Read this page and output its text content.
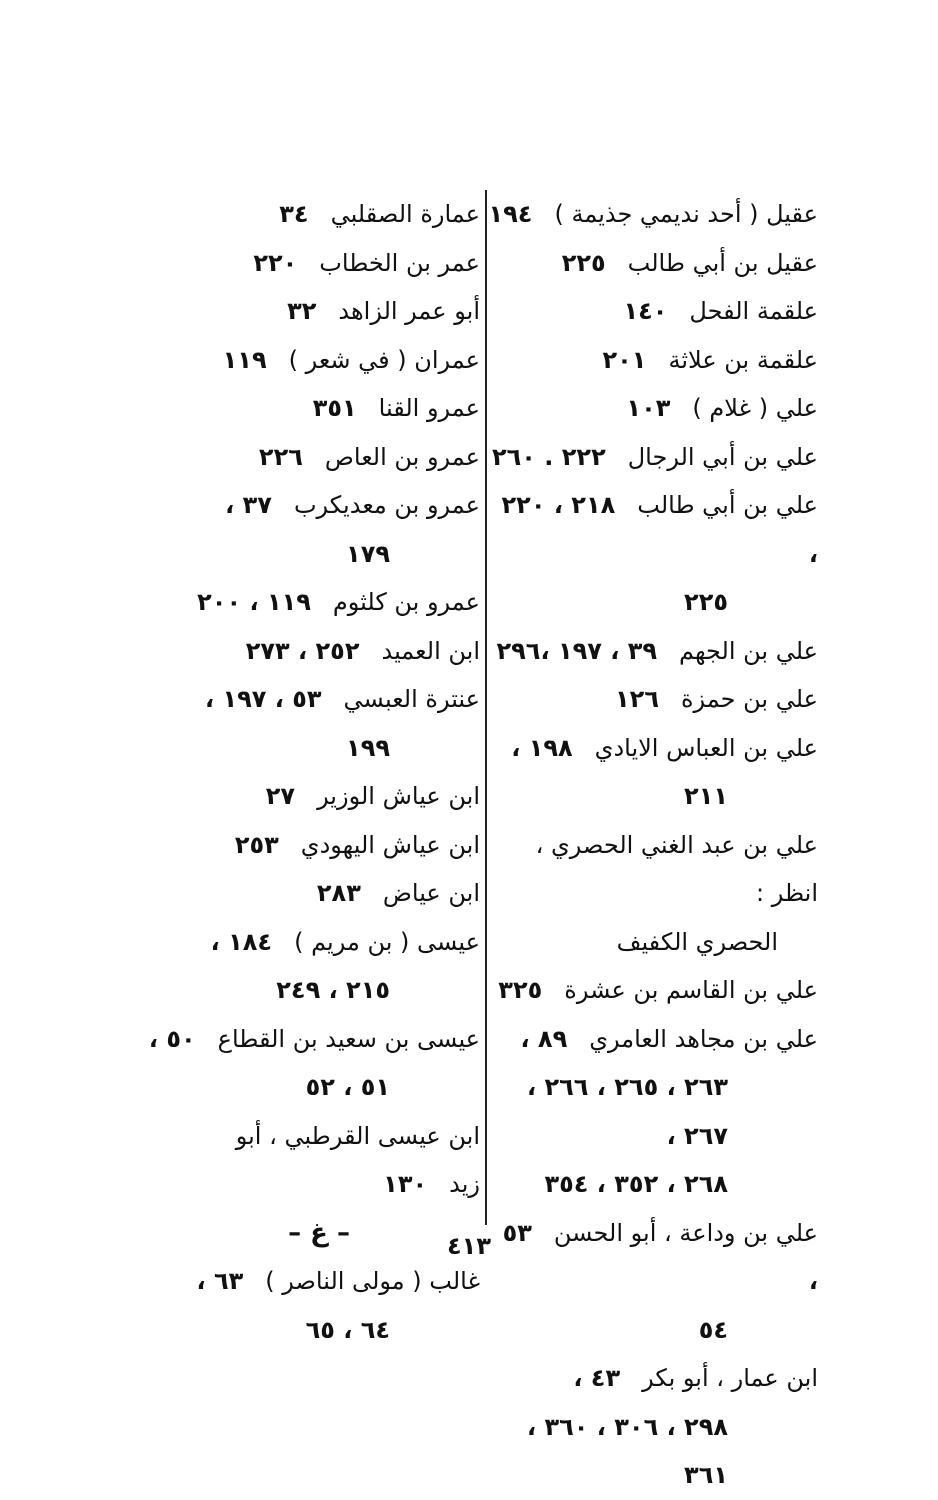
عقيل ( أحد نديمي جذيمة )١٩٤
عقيل بن أبي طالب٢٢٥
علقمة الفحل١٤٠
علقمة بن علاثة٢٠١
علي ( غلام )١٠٣
علي بن أبي الرجال٢٢٢ . ٢٦٠
علي بن أبي طالب٢١٨ ، ٢٢٠ ،
٢٢٥
علي بن الجهم٣٩ ، ١٩٧ ،٢٩٦
علي بن حمزة١٢٦
علي بن العباس الايادي١٩٨ ،
٢١١
علي بن عبد الغني الحصري ، انظر :
الحصري الكفيف
علي بن القاسم بن عشرة٣٢٥
علي بن مجاهد العامري٨٩ ،
٢٦٣ ، ٢٦٥ ، ٢٦٦ ، ٢٦٧ ،
٢٦٨ ، ٣٥٢ ، ٣٥٤
علي بن وداعة ، أبو الحسن٥٣ ،
٥٤
ابن عمار ، أبو بكر٤٣ ،
٢٩٨ ، ٣٠٦ ، ٣٦٠ ، ٣٦١
عمارة الصقلبي٣٤
عمر بن الخطاب٢٢٠
أبو عمر الزاهد٣٢
عمران ( في شعر )١١٩
عمرو القنا٣٥١
عمرو بن العاص٢٢٦
عمرو بن معديكرب٣٧ ،
١٧٩
عمرو بن كلثوم١١٩ ، ٢٠٠
ابن العميد٢٥٢ ، ٢٧٣
عنترة العبسي٥٣ ، ١٩٧ ،
١٩٩
ابن عياش الوزير٢٧
ابن عياش اليهودي٢٥٣
ابن عياض٢٨٣
عيسى ( بن مريم )١٨٤ ،
٢١٥ ، ٢٤٩
عيسى بن سعيد بن القطاع٥٠ ،
٥١ ، ٥٢
ابن عيسى القرطبي ، أبو زيد١٣٠
– غ –
غالب ( مولى الناصر )٦٣ ،
٦٤ ، ٦٥
٤١٣
